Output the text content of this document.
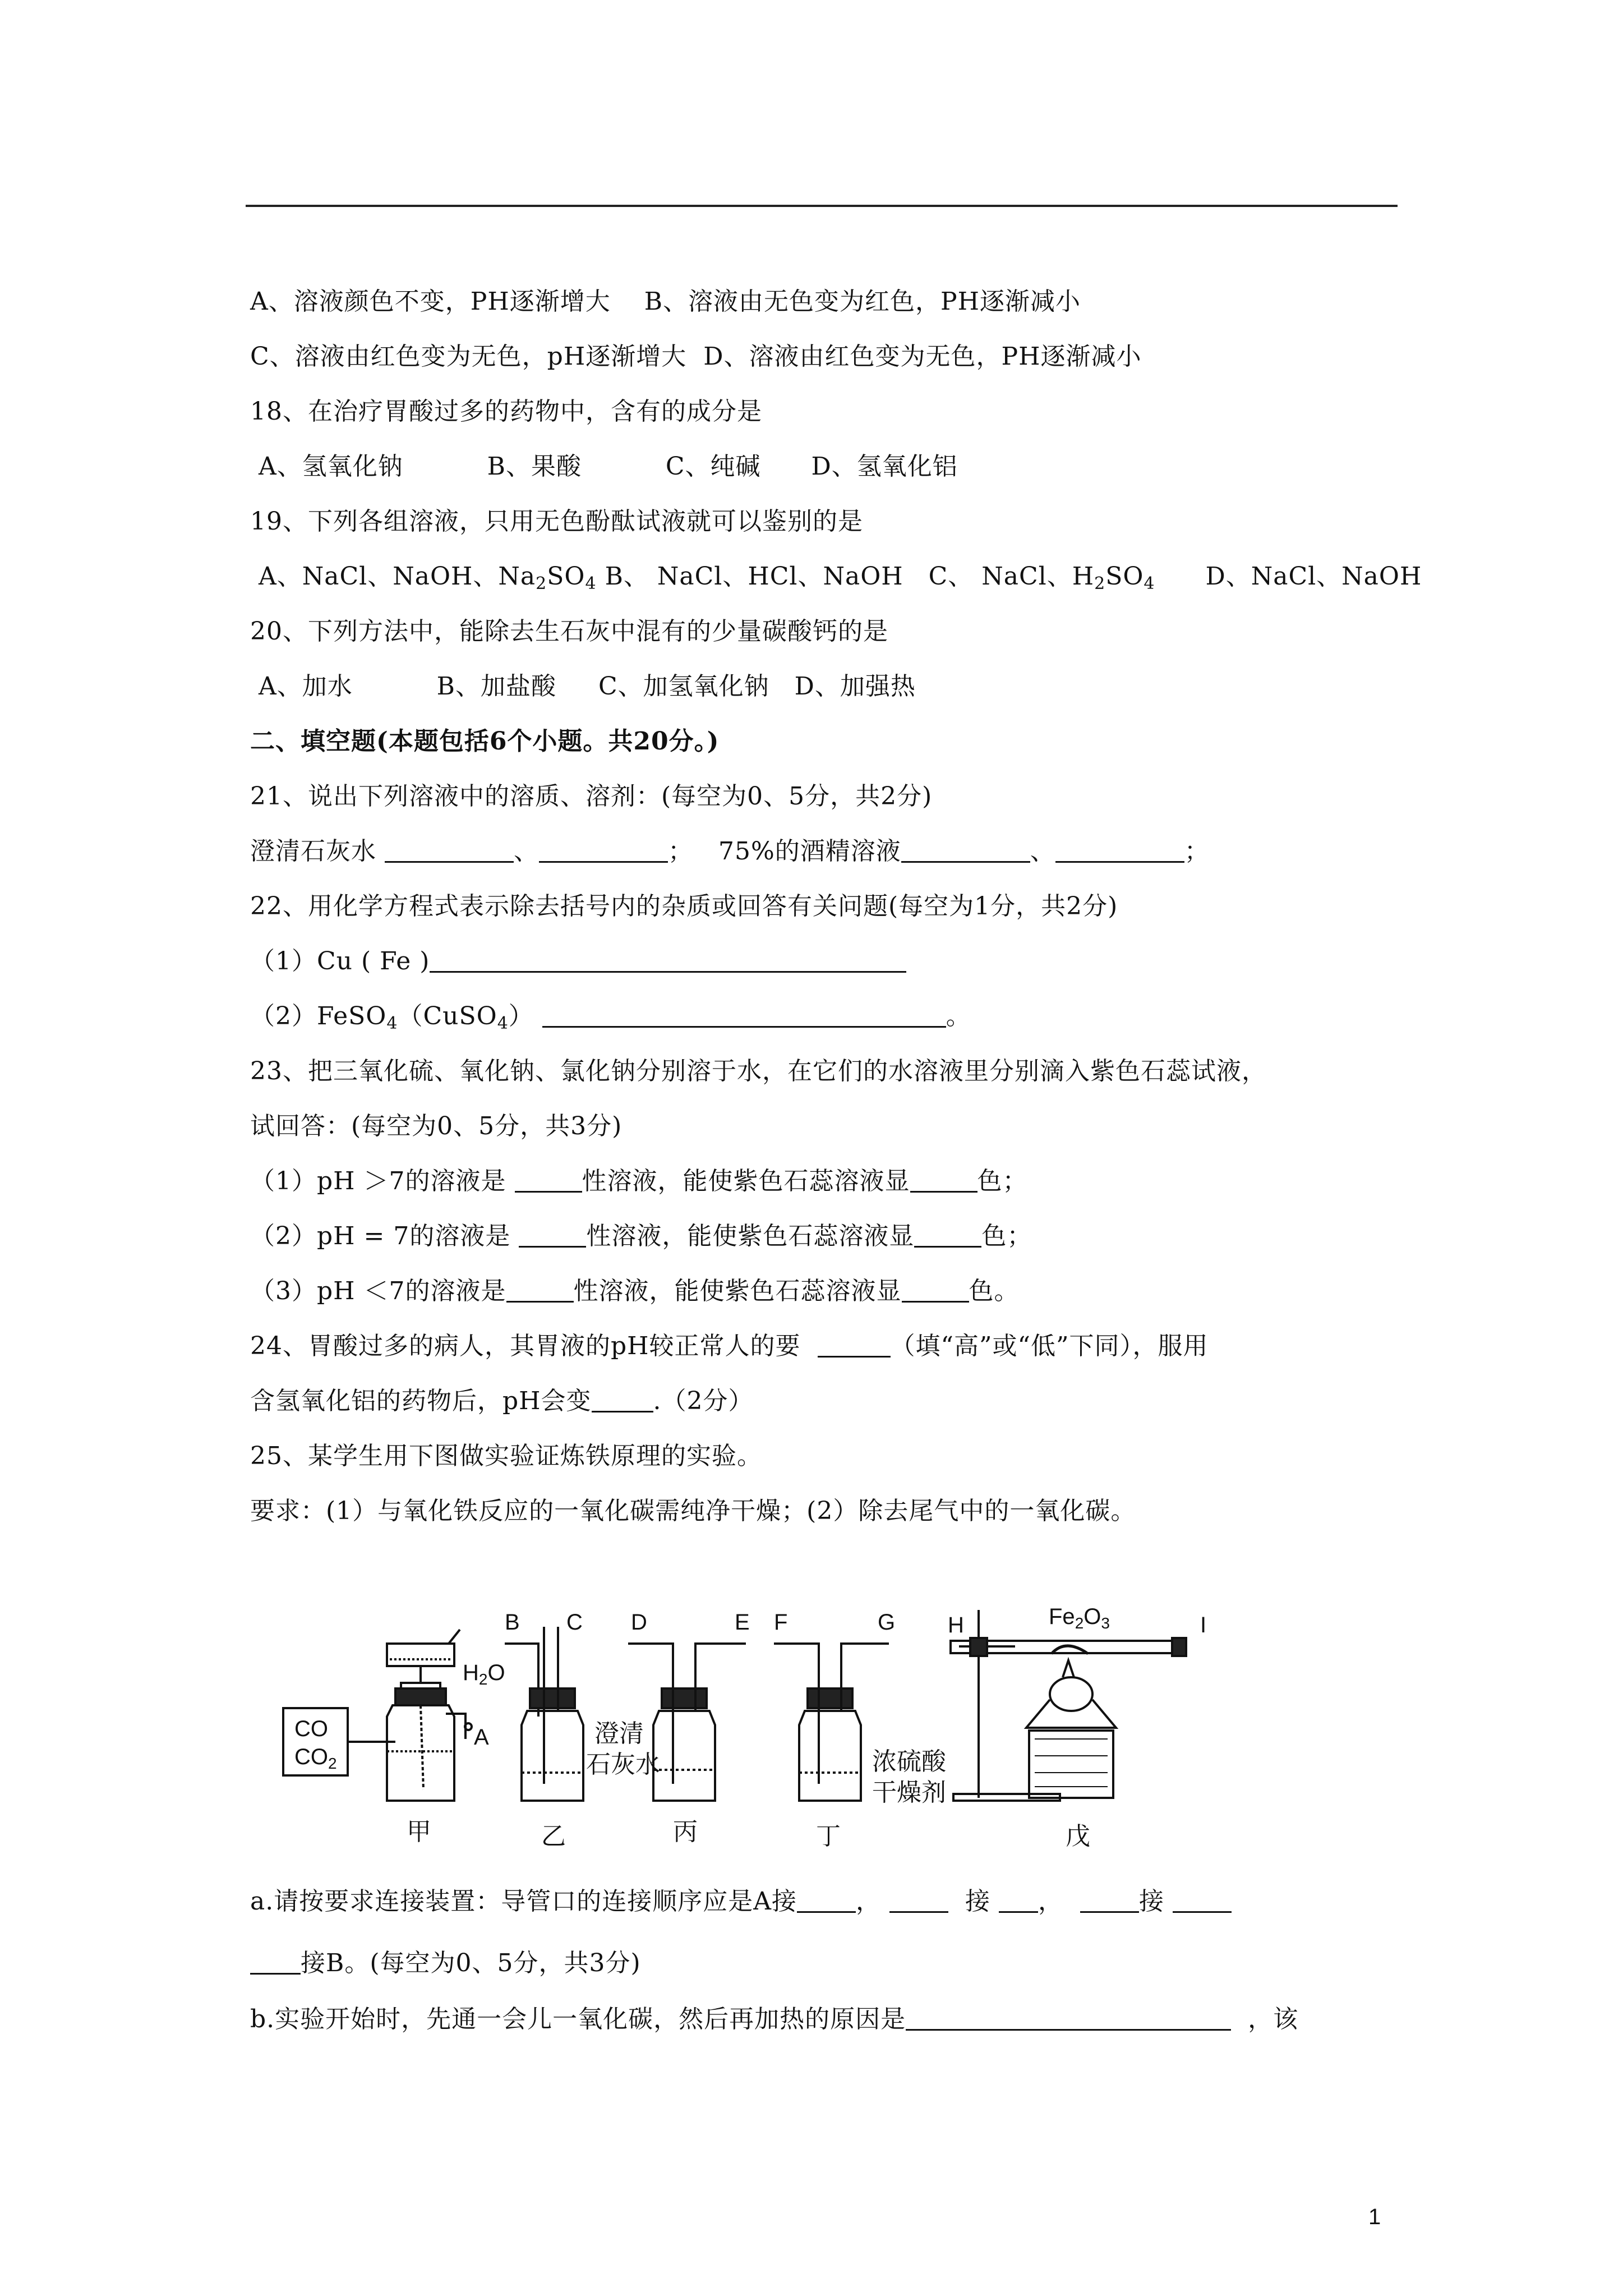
A、溶液颜色不变，PH逐渐增大 B、溶液由无色变为红色，PH逐渐减小
C、溶液由红色变为无色，pH逐渐增大 D、溶液由红色变为无色，PH逐渐减小
18、在治疗胃酸过多的药物中，含有的成分是
A、氢氧化钠	B、果酸	C、纯碱 D、氢氧化铝
19、下列各组溶液，只用无色酚酞试液就可以鉴别的是
A、NaCl、NaOH、$Na_2SO_4$ B、 NaCl、HCl、NaOH C、 NaCl、$H_2SO_4$ D、NaCl、NaOH
20、下列方法中，能除去生石灰中混有的少量碳酸钙的是
A、加水	B、加盐酸 C、加氢氧化钠 D、加强热
二、填空题(本题包括6个小题。共20分。)
21、说出下列溶液中的溶质、溶剂：(每空为0、5分，共2分)
澄清石灰水	、	； 75%的酒精溶液	、	；
22、用化学方程式表示除去括号内的杂质或回答有关问题(每空为1分，共2分)
（1）Cu ( Fe )
（2）FeSO$_4$（CuSO$_4$）	。
23、把三氧化硫、氧化钠、氯化钠分别溶于水，在它们的水溶液里分别滴入紫色石蕊试液，
试回答：(每空为0、5分，共3分)
（1）pH ＞7的溶液是	性溶液，能使紫色石蕊溶液显	色；
（2）pH = 7的溶液是	性溶液，能使紫色石蕊溶液显	色；
（3）pH ＜7的溶液是	性溶液，能使紫色石蕊溶液显	色。
24、胃酸过多的病人，其胃液的pH较正常人的要	（填“高”或“低”下同），服用
含氢氧化铝的药物后，pH会变	.（2分）
25、某学生用下图做实验证炼铁原理的实验。
要求：(1）与氧化铁反应的一氧化碳需纯净干燥；(2）除去尾气中的一氧化碳。
CO
$CO_2$
$H_2O$
A
B C D	E F	G H	I
$Fe_2O_3$
澄清
石灰水	浓硫酸
干燥剂
甲	乙	丙	丁	戊
a.请按要求连接装置：导管口的连接顺序应是A接 ，	接 ，	接
接B。(每空为0、5分，共3分)
b.实验开始时，先通一会儿一氧化碳，然后再加热的原因是	，该
1
